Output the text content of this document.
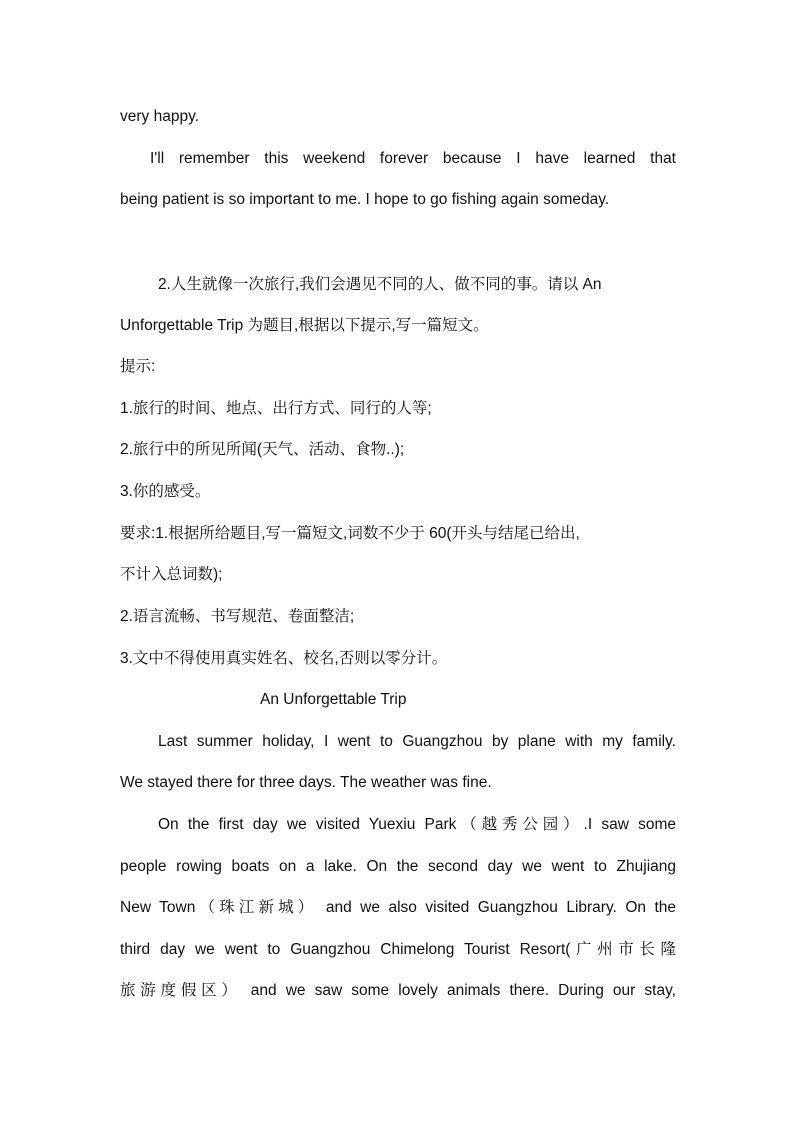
very happy.
I'll remember this weekend forever because I have learned that
being patient is so important to me. I hope to go fishing again someday.
2.人生就像一次旅行,我们会遇见不同的人、做不同的事。请以 An
Unforgettable Trip 为题目,根据以下提示,写一篇短文。
提示:
1.旅行的时间、地点、出行方式、同行的人等;
2.旅行中的所见所闻(天气、活动、食物..);
3.你的感受。
要求:1.根据所给题目,写一篇短文,词数不少于 60(开头与结尾已给出,
不计入总词数);
2.语言流畅、书写规范、卷面整洁;
3.文中不得使用真实姓名、校名,否则以零分计。
An Unforgettable Trip
Last summer holiday, I went to Guangzhou by plane with my family.
We stayed there for three days. The weather was fine.
On the first day we visited Yuexiu Park（越秀公园）.I saw some
people rowing boats on a lake. On the second day we went to Zhujiang
New Town（珠江新城） and we also visited Guangzhou Library. On the
third day we went to Guangzhou Chimelong Tourist Resort(广州市长隆
旅游度假区） and we saw some lovely animals there. During our stay,
